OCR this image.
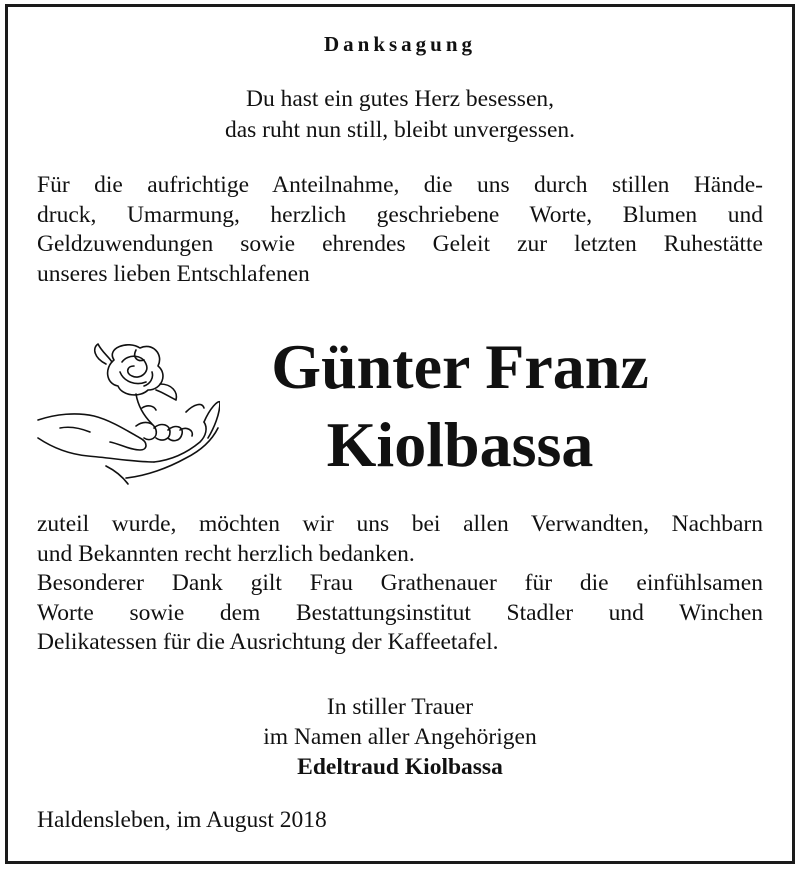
Danksagung
Du hast ein gutes Herz besessen,
das ruht nun still, bleibt unvergessen.
Für die aufrichtige Anteilnahme, die uns durch stillen Hände-
druck, Umarmung, herzlich geschriebene Worte, Blumen und
Geldzuwendungen sowie ehrendes Geleit zur letzten Ruhestätte
unseres lieben Entschlafenen
Günter Franz
Kiolbassa
zuteil wurde, möchten wir uns bei allen Verwandten, Nachbarn
und Bekannten recht herzlich bedanken.
Besonderer Dank gilt Frau Grathenauer für die einfühlsamen
Worte sowie dem Bestattungsinstitut Stadler und Winchen
Delikatessen für die Ausrichtung der Kaffeetafel.
In stiller Trauer
im Namen aller Angehörigen
Edeltraud Kiolbassa
Haldensleben, im August 2018
